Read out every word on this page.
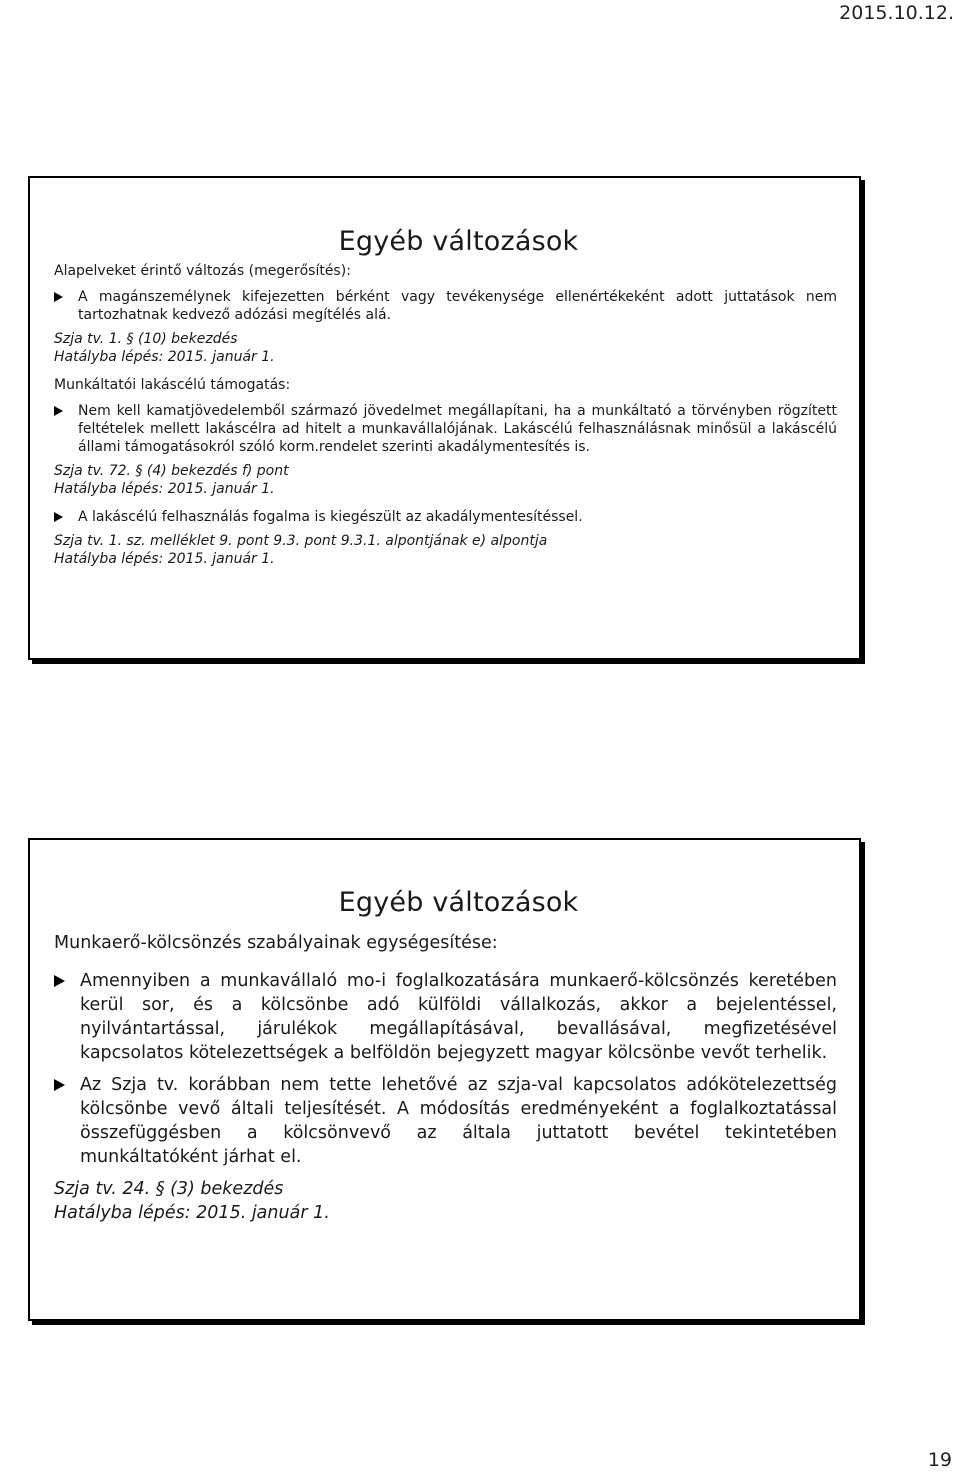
2015.10.12.
Egyéb változások

Alapelveket érintő változás (megerősítés):

A magánszemélynek kifejezetten bérként vagy tevékenysége ellenértékeként adott juttatások nem tartozhatnak kedvező adózási megítélés alá.

Szja tv. 1. § (10) bekezdés

Hatályba lépés: 2015. január 1.

Munkáltatói lakáscélú támogatás:

Nem kell kamatjövedelemből származó jövedelmet megállapítani, ha a munkáltató a törvényben rögzített feltételek mellett lakáscélra ad hitelt a munkavállalójának. Lakáscélú felhasználásnak minősül a lakáscélú állami támogatásokról szóló korm.rendelet szerinti akadálymentesítés is.

Szja tv. 72. § (4) bekezdés f) pont

Hatályba lépés: 2015. január 1.

A lakáscélú felhasználás fogalma is kiegészült az akadálymentesítéssel.

Szja tv. 1. sz. melléklet 9. pont 9.3. pont 9.3.1. alpontjának e) alpontja

Hatályba lépés: 2015. január 1.

Egyéb változások

Munkaerő-kölcsönzés szabályainak egységesítése:

Amennyiben a munkavállaló mo-i foglalkozatására munkaerő-kölcsönzés keretében kerül sor, és a kölcsönbe adó külföldi vállalkozás, akkor a bejelentéssel, nyilvántartással, járulékok megállapításával, bevallásával, megfizetésével kapcsolatos kötelezettségek a belföldön bejegyzett magyar kölcsönbe vevőt terhelik.
Az Szja tv. korábban nem tette lehetővé az szja-val kapcsolatos adókötelezettség kölcsönbe vevő általi teljesítését. A módosítás eredményeként a foglalkoztatással összefüggésben a kölcsönvevő az általa juttatott bevétel tekintetében munkáltatóként járhat el.

Szja tv. 24. § (3) bekezdés

Hatályba lépés: 2015. január 1.

19
